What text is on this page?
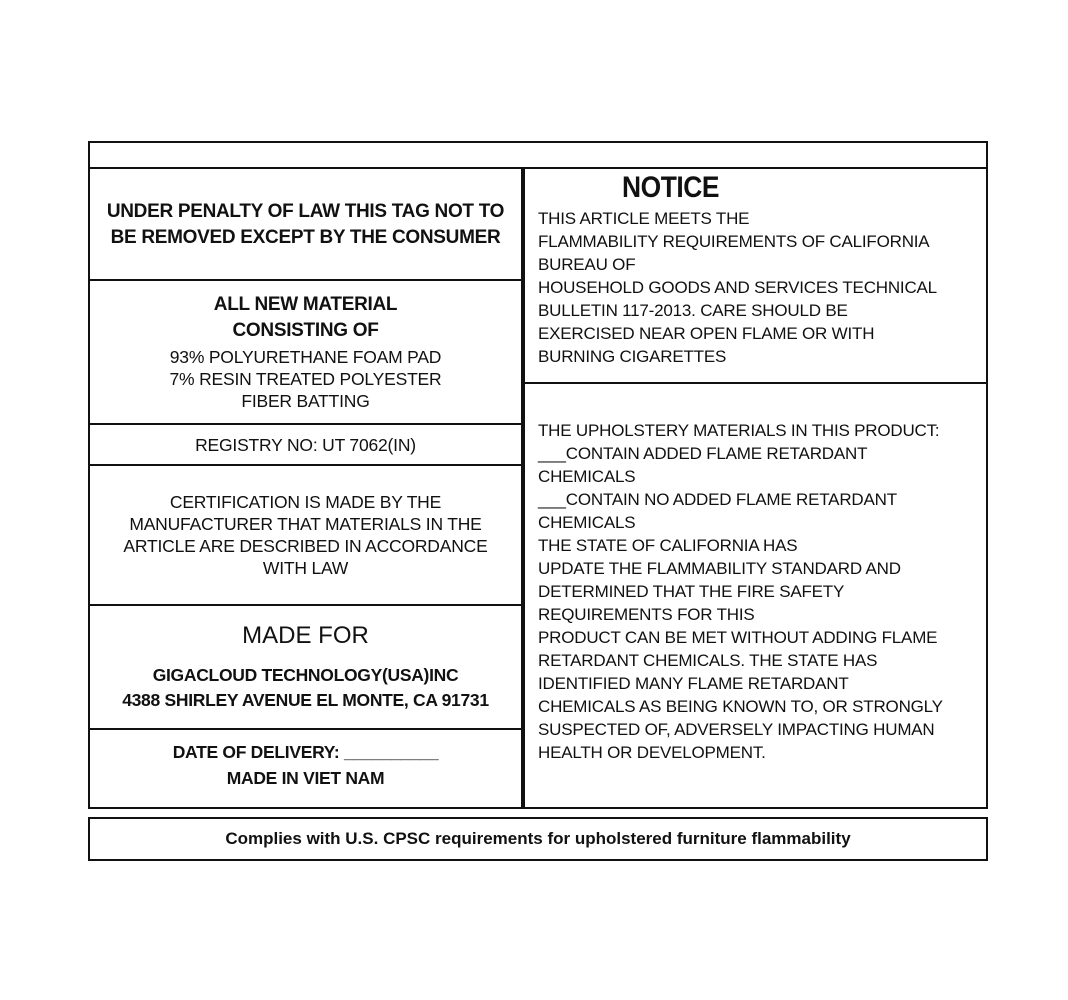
UNDER PENALTY OF LAW THIS TAG NOT TO
BE REMOVED EXCEPT BY THE CONSUMER
ALL NEW MATERIAL
CONSISTING OF
93% POLYURETHANE FOAM PAD
7% RESIN TREATED POLYESTER
FIBER BATTING
REGISTRY NO: UT 7062(IN)
CERTIFICATION IS MADE BY THE
MANUFACTURER THAT MATERIALS IN THE
ARTICLE ARE DESCRIBED IN ACCORDANCE
WITH LAW
MADE FOR
GIGACLOUD TECHNOLOGY(USA)INC
4388 SHIRLEY AVENUE EL MONTE, CA 91731
DATE OF DELIVERY: __________
MADE IN VIET NAM
NOTICE
THIS ARTICLE MEETS THE
FLAMMABILITY REQUIREMENTS OF CALIFORNIA
BUREAU OF
HOUSEHOLD GOODS AND SERVICES TECHNICAL
BULLETIN 117-2013. CARE SHOULD BE
EXERCISED NEAR OPEN FLAME OR WITH
BURNING CIGARETTES
THE UPHOLSTERY MATERIALS IN THIS PRODUCT:
___CONTAIN ADDED FLAME RETARDANT
CHEMICALS
___CONTAIN NO ADDED FLAME RETARDANT
CHEMICALS
THE STATE OF CALIFORNIA HAS
UPDATE THE FLAMMABILITY STANDARD AND
DETERMINED THAT THE FIRE SAFETY
REQUIREMENTS FOR THIS
PRODUCT CAN BE MET WITHOUT ADDING FLAME
RETARDANT CHEMICALS. THE STATE HAS
IDENTIFIED MANY FLAME RETARDANT
CHEMICALS AS BEING KNOWN TO, OR STRONGLY
SUSPECTED OF, ADVERSELY IMPACTING HUMAN
HEALTH OR DEVELOPMENT.
Complies with U.S. CPSC requirements for upholstered furniture flammability
